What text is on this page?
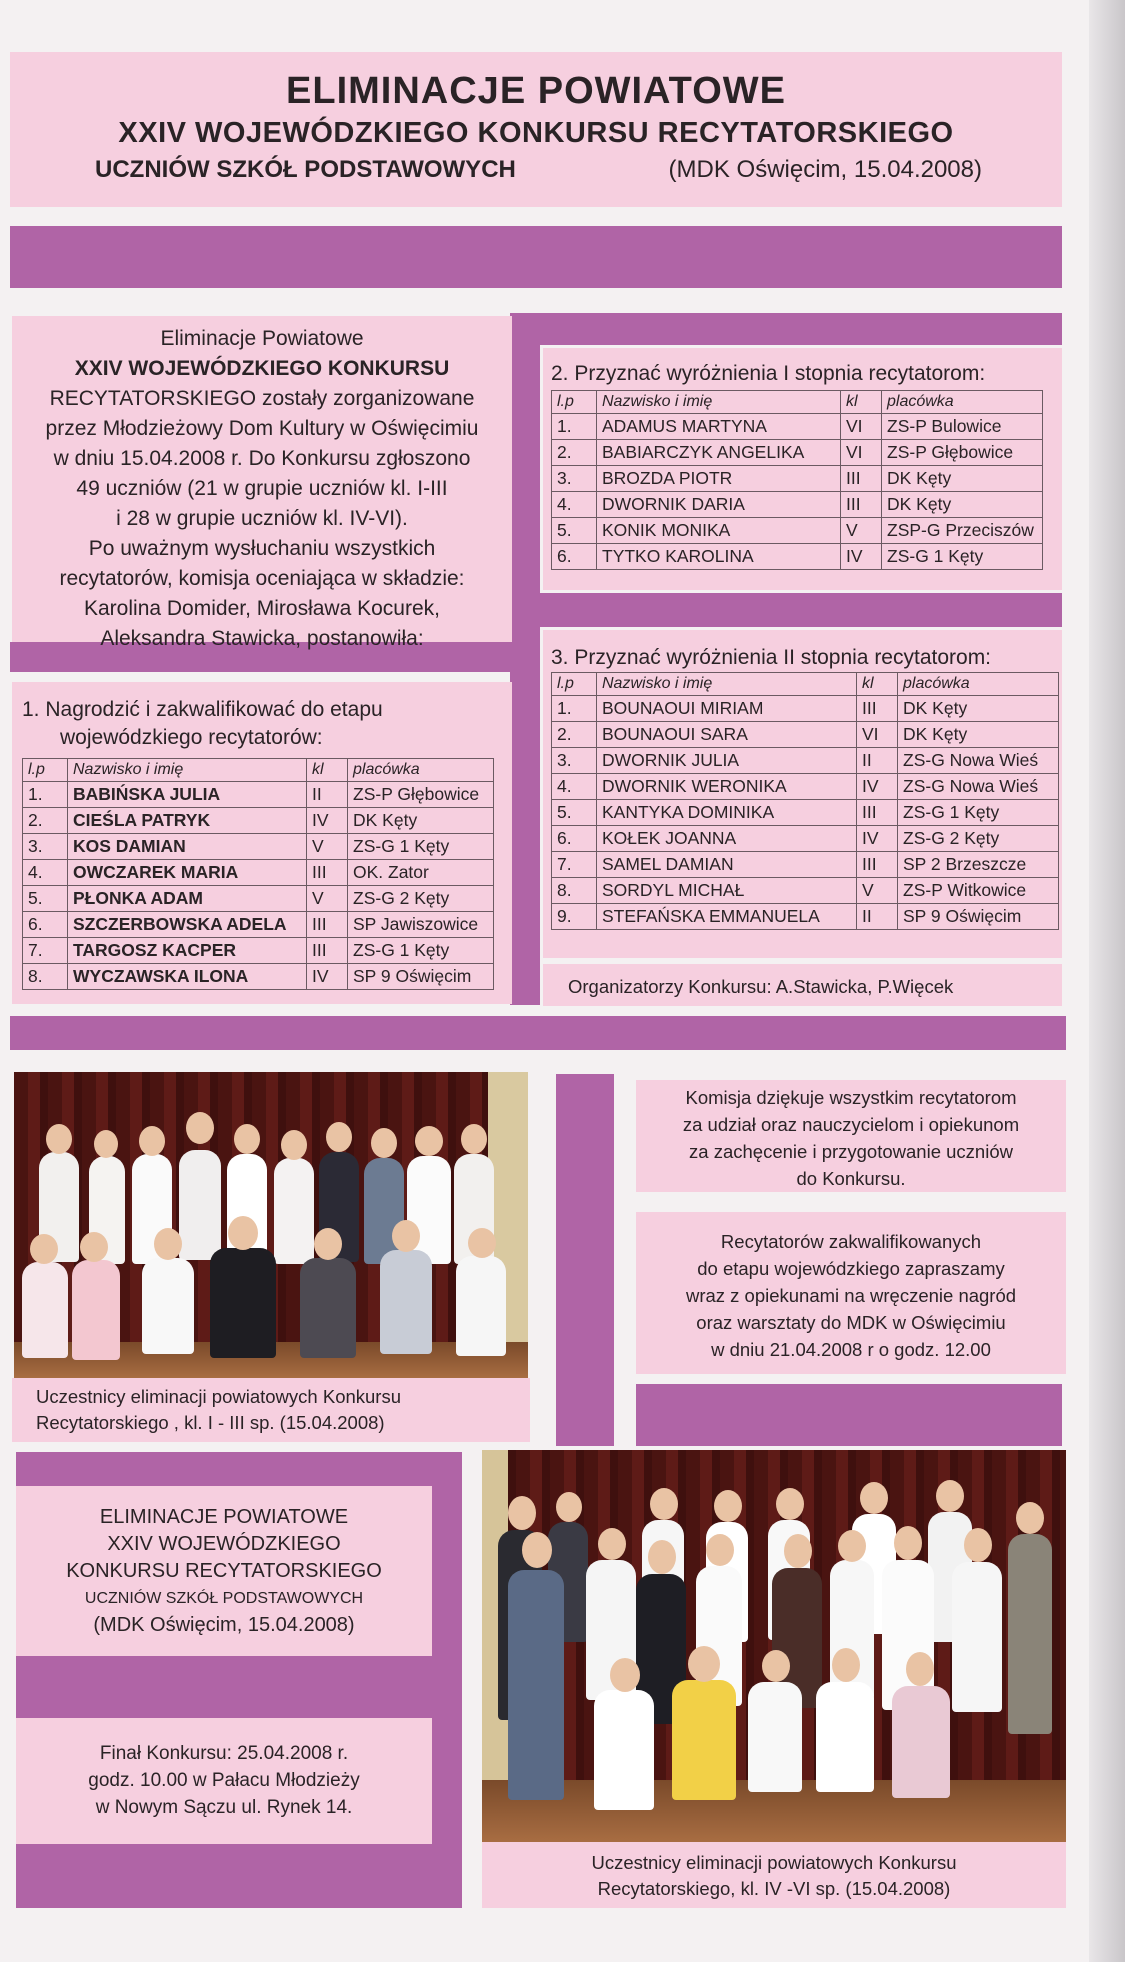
ELIMINACJE POWIATOWE
XXIV WOJEWÓDZKIEGO KONKURSU RECYTATORSKIEGO
UCZNIÓW SZKÓŁ PODSTAWOWYCH	(MDK Oświęcim, 15.04.2008)
Eliminacje Powiatowe
XXIV WOJEWÓDZKIEGO KONKURSU
RECYTATORSKIEGO zostały zorganizowane
przez Młodzieżowy Dom Kultury w Oświęcimiu
w dniu 15.04.2008 r. Do Konkursu zgłoszono
49 uczniów (21 w grupie uczniów kl. I-III
i 28 w grupie uczniów kl. IV-VI).
Po uważnym wysłuchaniu wszystkich
recytatorów, komisja oceniająca w składzie:
Karolina Domider, Mirosława Kocurek,
Aleksandra Stawicka, postanowiła:
1. Nagrodzić i zakwalifikować do etapu
wojewódzkiego recytatorów:
l.p	Nazwisko i imię	kl	placówka
1.	BABIŃSKA JULIA	II	ZS-P Głębowice
2.	CIEŚLA PATRYK	IV	DK Kęty
3.	KOS DAMIAN	V	ZS-G 1 Kęty
4.	OWCZAREK MARIA	III	OK. Zator
5.	PŁONKA ADAM	V	ZS-G 2 Kęty
6.	SZCZERBOWSKA ADELA	III	SP Jawiszowice
7.	TARGOSZ KACPER	III	ZS-G 1 Kęty
8.	WYCZAWSKA ILONA	IV	SP 9 Oświęcim
2. Przyznać wyróżnienia I stopnia recytatorom:
l.p	Nazwisko i imię	kl	placówka
1.	ADAMUS MARTYNA	VI	ZS-P Bulowice
2.	BABIARCZYK ANGELIKA	VI	ZS-P Głębowice
3.	BROZDA PIOTR	III	DK Kęty
4.	DWORNIK DARIA	III	DK Kęty
5.	KONIK MONIKA	V	ZSP-G Przeciszów
6.	TYTKO KAROLINA	IV	ZS-G 1 Kęty
3. Przyznać wyróżnienia II stopnia recytatorom:
l.p	Nazwisko i imię	kl	placówka
1.	BOUNAOUI MIRIAM	III	DK Kęty
2.	BOUNAOUI SARA	VI	DK Kęty
3.	DWORNIK JULIA	II	ZS-G Nowa Wieś
4.	DWORNIK WERONIKA	IV	ZS-G Nowa Wieś
5.	KANTYKA DOMINIKA	III	ZS-G 1 Kęty
6.	KOŁEK JOANNA	IV	ZS-G 2 Kęty
7.	SAMEL DAMIAN	III	SP 2 Brzeszcze
8.	SORDYL MICHAŁ	V	ZS-P Witkowice
9.	STEFAŃSKA EMMANUELA	II	SP 9 Oświęcim
Organizatorzy Konkursu: A.Stawicka, P.Więcek
Uczestnicy eliminacji powiatowych Konkursu
Recytatorskiego , kl. I - III sp. (15.04.2008)
Komisja dziękuje wszystkim recytatorom
za udział oraz nauczycielom i opiekunom
za zachęcenie i przygotowanie uczniów
do Konkursu.
Recytatorów zakwalifikowanych
do etapu wojewódzkiego zapraszamy
wraz z opiekunami na wręczenie nagród
oraz warsztaty do MDK w Oświęcimiu
w dniu 21.04.2008 r o godz. 12.00
ELIMINACJE POWIATOWE
XXIV WOJEWÓDZKIEGO
KONKURSU RECYTATORSKIEGO
UCZNIÓW SZKÓŁ PODSTAWOWYCH
(MDK Oświęcim, 15.04.2008)
Finał Konkursu: 25.04.2008 r.
godz. 10.00 w Pałacu Młodzieży
w Nowym Sączu ul. Rynek 14.
Uczestnicy eliminacji powiatowych Konkursu
Recytatorskiego, kl. IV -VI sp. (15.04.2008)
